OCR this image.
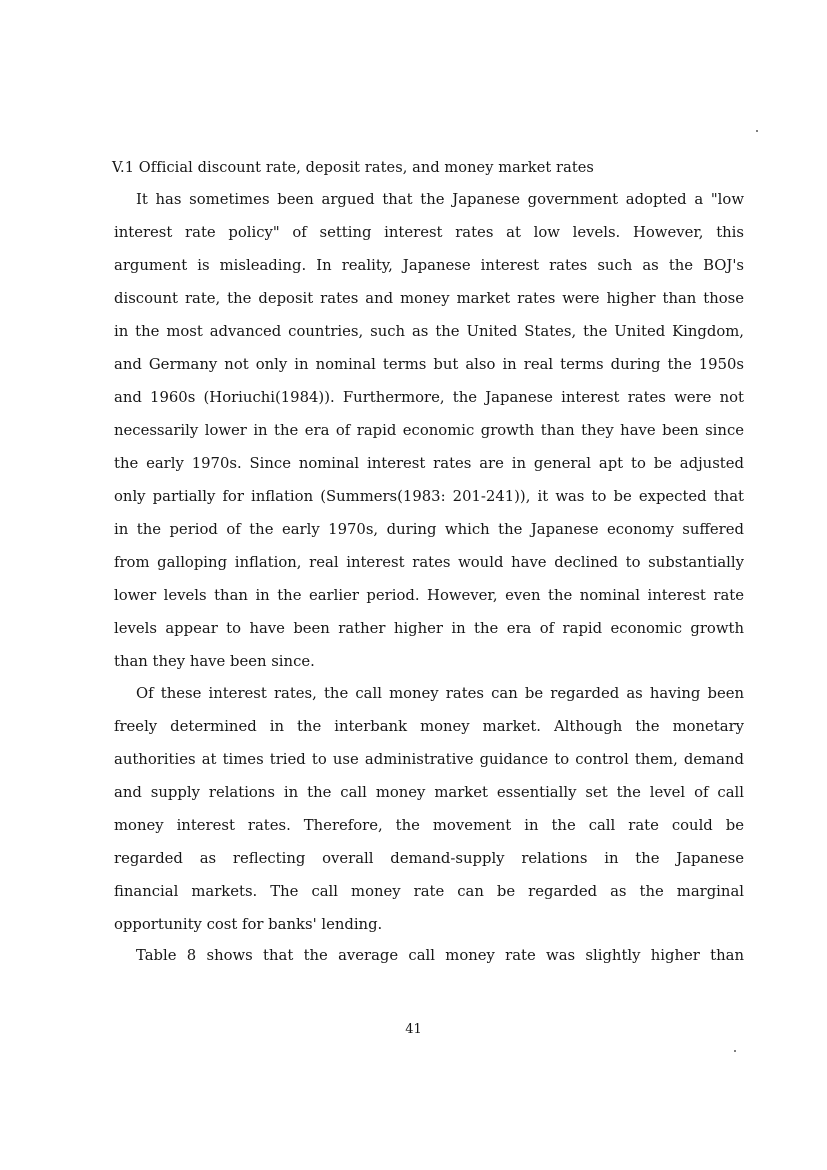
V.1 Official discount rate, deposit rates, and money market rates
It has sometimes been argued that the Japanese government adopted a "low
interest rate policy" of setting interest rates at low levels. However, this
argument is misleading. In reality, Japanese interest rates such as the BOJ's
discount rate, the deposit rates and money market rates were higher than those
in the most advanced countries, such as the United States, the United Kingdom,
and Germany not only in nominal terms but also in real terms during the 1950s
and 1960s (Horiuchi(1984)). Furthermore, the Japanese interest rates were not
necessarily lower in the era of rapid economic growth than they have been since
the early 1970s. Since nominal interest rates are in general apt to be adjusted
only partially for inflation (Summers(1983: 201-241)), it was to be expected that
in the period of the early 1970s, during which the Japanese economy suffered
from galloping inflation, real interest rates would have declined to substantially
lower levels than in the earlier period. However, even the nominal interest rate
levels appear to have been rather higher in the era of rapid economic growth
than they have been since.
Of these interest rates, the call money rates can be regarded as having been
freely determined in the interbank money market. Although the monetary
authorities at times tried to use administrative guidance to control them, demand
and supply relations in the call money market essentially set the level of call
money interest rates. Therefore, the movement in the call rate could be
regarded as reflecting overall demand-supply relations in the Japanese
financial markets. The call money rate can be regarded as the marginal
opportunity cost for banks' lending.
Table 8 shows that the average call money rate was slightly higher than
41
